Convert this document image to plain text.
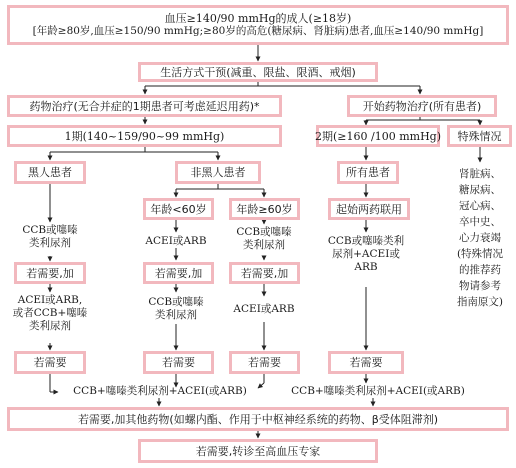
血压≥140/90 mmHg的成人(≥18岁)
[年龄≥80岁,血压≥150/90 mmHg;≥80岁的高危(糖尿病、肾脏病)患者,血压≥140/90 mmHg]
生活方式干预(减重、限盐、限酒、戒烟)
药物治疗(无合并症的1期患者可考虑延迟用药)*	开始药物治疗(所有患者)
1期(140~159/90~99 mmHg)	2期(≥160 /100 mmHg) 特殊情况
黑人患者	非黑人患者	所有患者
年龄<60岁	年龄≥60岁	起始两药联用
CCB或噻嗪
类利尿剂	ACEI或ARB
CCB或噻嗪
类利尿剂	CCB或噻嗪类利
尿剂+ACEI或
ARB
肾脏病、
糖尿病、
冠心病、
卒中史、
心力衰竭
(特殊情况
的推荐药
物请参考
指南原文)
若需要,加	若需要,加	若需要,加
ACEI或ARB,
或者CCB+噻嗪
类利尿剂
CCB或噻嗪
类利尿剂	ACEI或ARB
若需要	若需要	若需要	若需要
CCB+噻嗪类利尿剂+ACEI(或ARB)	CCB+噻嗪类利尿剂+ACEI(或ARB)
若需要,加其他药物(如螺内酯、作用于中枢神经系统的药物、β受体阻滞剂)
若需要,转诊至高血压专家
